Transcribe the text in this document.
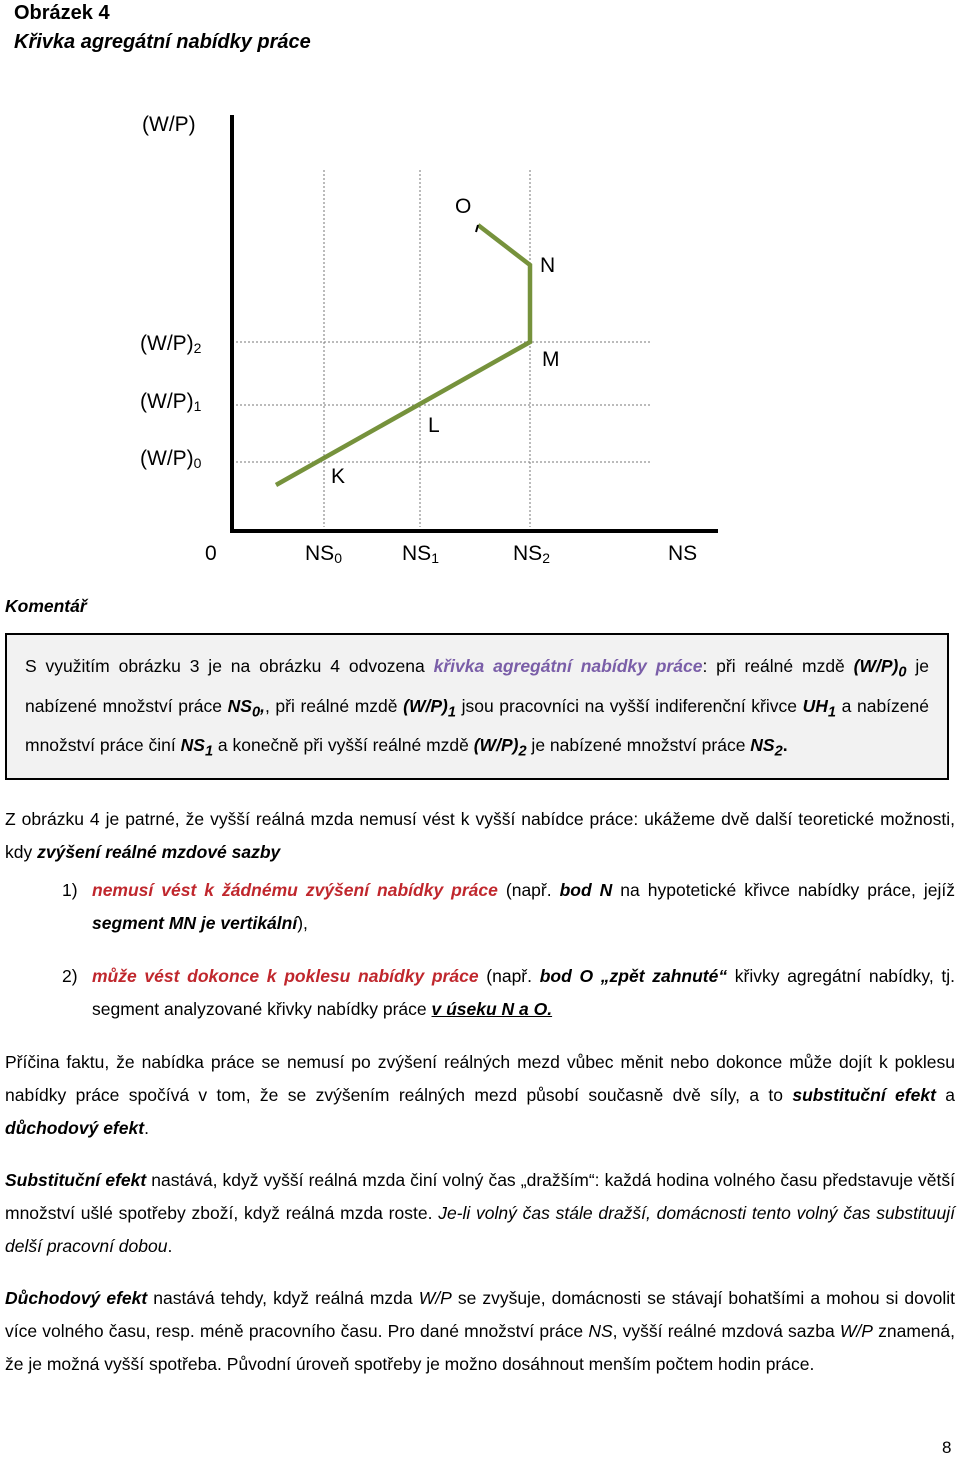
Obrázek 4
Křivka agregátní nabídky práce
(W/P)
$(W/P)_2$
$(W/P)_1$
$(W/P)_0$
O
N
M
L
K
0	$NS_0$	$NS_1$	$NS_2$	NS
Komentář
S využitím obrázku 3 je na obrázku 4 odvozena křivka agregátní nabídky práce: při reálné mzdě $(W/P)_0$ je nabízené množství práce $NS_0$,, při reálné mzdě $(W/P)_1$ jsou pracovníci na vyšší indiferenční křivce $UH_1$ a nabízené množství práce činí $NS_1$ a konečně při vyšší reálné mzdě $(W/P)_2$ je nabízené množství práce $NS_2$.
Z obrázku 4 je patrné, že vyšší reálná mzda nemusí vést k vyšší nabídce práce: ukážeme dvě další teoretické možnosti, kdy zvýšení reálné mzdové sazby
1) nemusí vést k žádnému zvýšení nabídky práce (např. bod N na hypotetické křivce nabídky práce, jejíž segment MN je vertikální),
2) může vést dokonce k poklesu nabídky práce (např. bod O „zpět zahnuté“ křivky agregátní nabídky, tj. segment analyzované křivky nabídky práce v úseku N a O.
Příčina faktu, že nabídka práce se nemusí po zvýšení reálných mezd vůbec měnit nebo dokonce může dojít k poklesu nabídky práce spočívá v tom, že se zvýšením reálných mezd působí současně dvě síly, a to substituční efekt a důchodový efekt.
Substituční efekt nastává, když vyšší reálná mzda činí volný čas „dražším“: každá hodina volného času představuje větší množství ušlé spotřeby zboží, když reálná mzda roste. Je-li volný čas stále dražší, domácnosti tento volný čas substituují delší pracovní dobou.
Důchodový efekt nastává tehdy, když reálná mzda W/P se zvyšuje, domácnosti se stávají bohatšími a mohou si dovolit více volného času, resp. méně pracovního času. Pro dané množství práce NS, vyšší reálné mzdová sazba W/P znamená, že je možná vyšší spotřeba. Původní úroveň spotřeby je možno dosáhnout menším počtem hodin práce.
8
